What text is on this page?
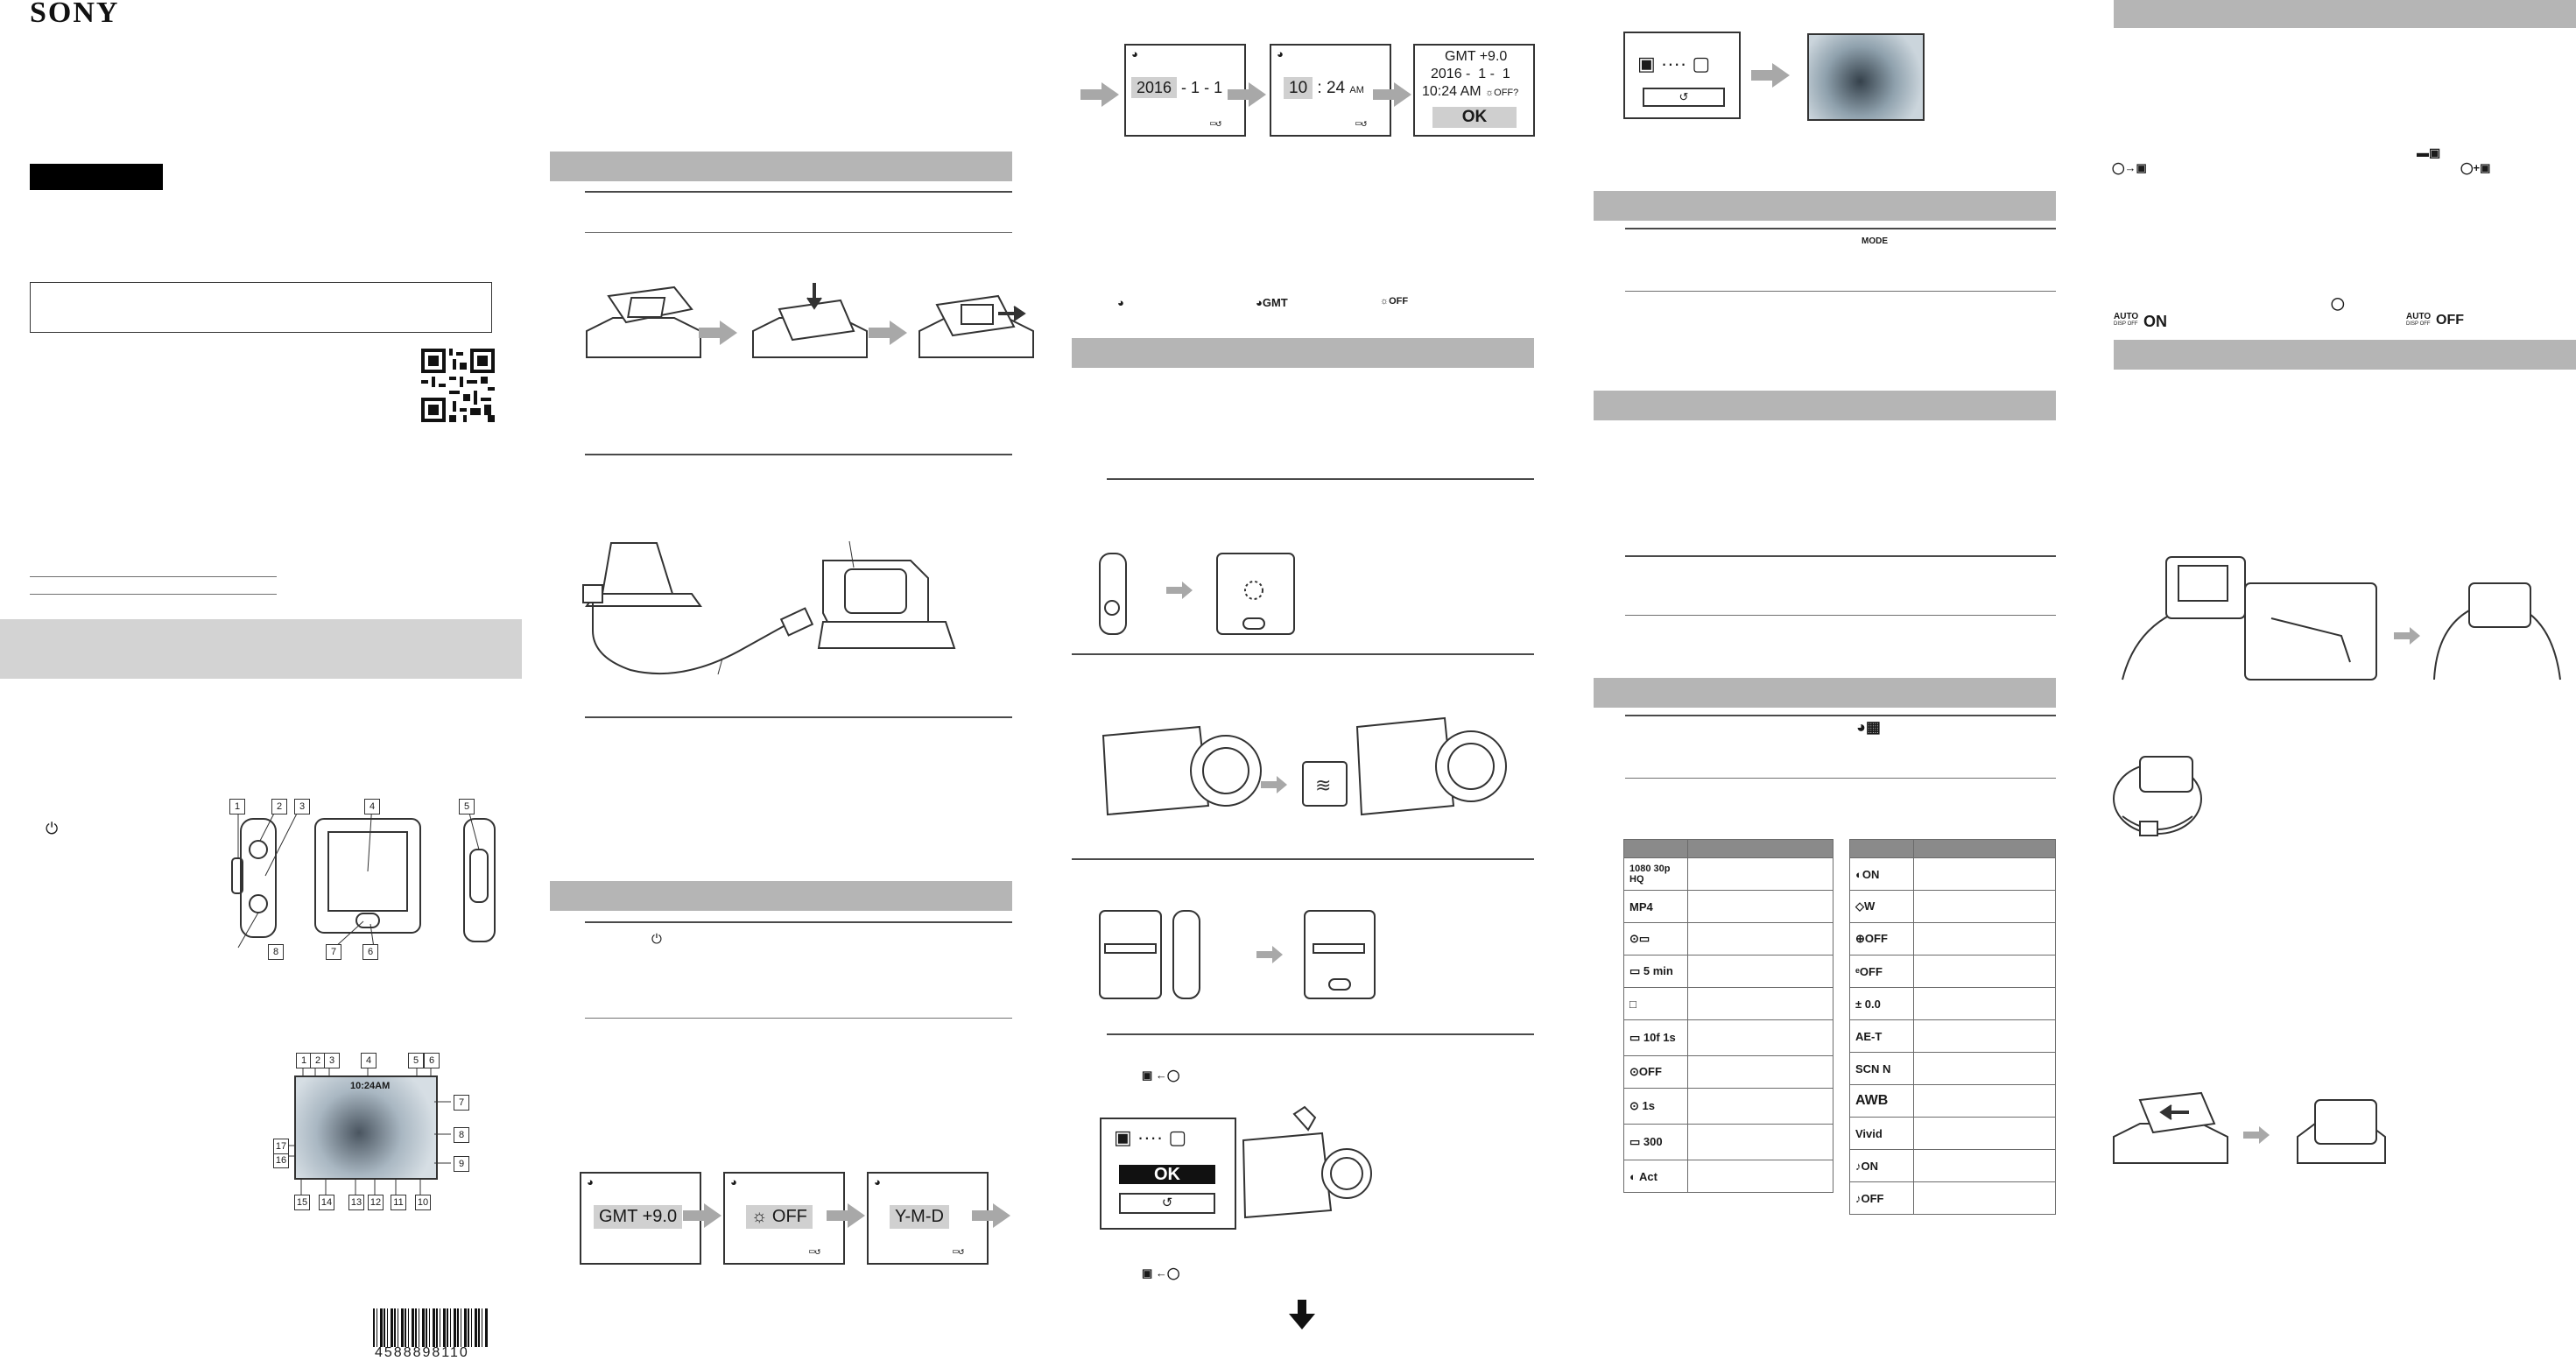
SONY
⏻
1	2	3	4	5
6
7
8
10:24AM
1 2 3	4	5	6
7
8
9
10
11
12
13
14
15
16
17
4588898110
⏻
◕
GMT +9.0
◕
☼ OFF
▭↺
◕
Y-M-D
▭↺
◕
2016 - 1 - 1
▭↺
◕
10 : 24 AM
▭↺
GMT +9.0
2016 -  1 -  1
10:24 AM ☼OFF?
OK
◕	◕GMT	☼OFF
≋
▣ ←◯
▣ ···· ▢
OK
↺
▣ ←◯
▣ ···· ▢
↺
MODE
◕▦

1080 30p HQ	
MP4	
⊙▭	
▭ 5 min	
□	
▭ 10f 1s	
⊙OFF	
⊙ 1s	
▭ 300	
◐ Act	

◐ON	
◇W	
⊕OFF	
ᵉOFF	
± 0.0	
AE-T	
SCN N	
AWB	
Vivid	
♪ON	
♪OFF	
▬▣
◯→▣	◯+▣
◯
AUTO
DISP OFF ON	AUTO
DISP OFF OFF
